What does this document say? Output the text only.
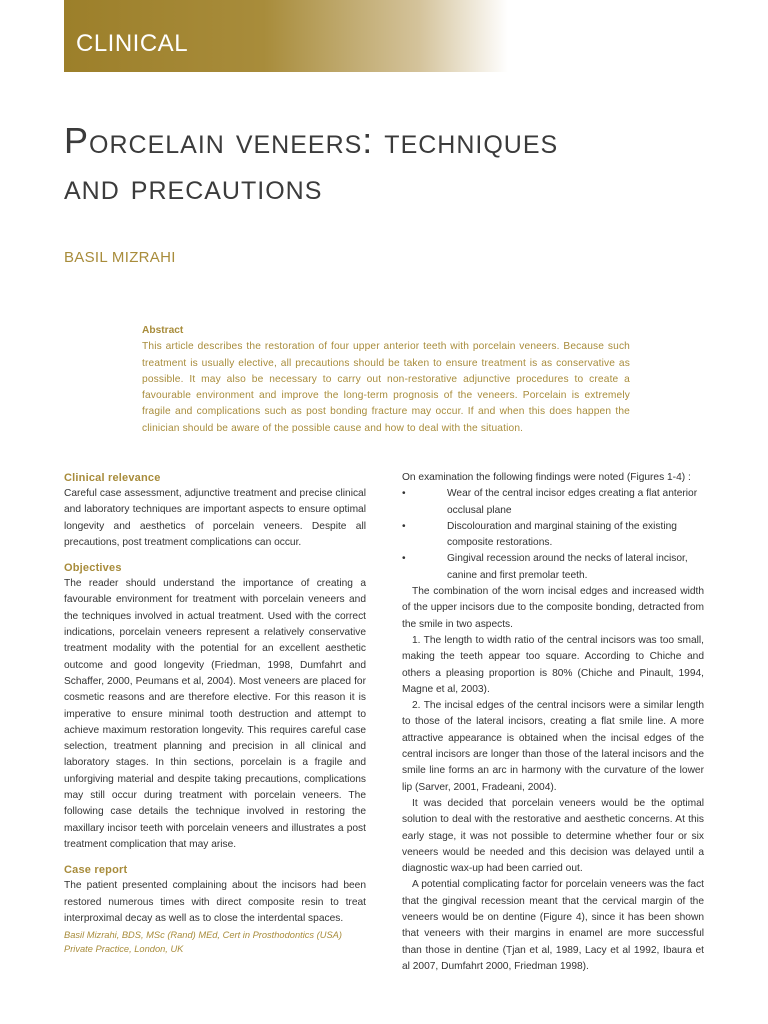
CLINICAL
Porcelain veneers: techniques
and precautions
BASIL MIZRAHI
Abstract
This article describes the restoration of four upper anterior teeth with porcelain veneers. Because such treatment is usually elective, all precautions should be taken to ensure treatment is as conservative as possible. It may also be necessary to carry out non-restorative adjunctive procedures to create a favourable environment and improve the long-term prognosis of the veneers. Porcelain is extremely fragile and complications such as post bonding fracture may occur. If and when this does happen the clinician should be aware of the possible cause and how to deal with the situation.
Clinical relevance

Careful case assessment, adjunctive treatment and precise clinical and laboratory techniques are important aspects to ensure optimal longevity and aesthetics of porcelain veneers. Despite all precautions, post treatment complications can occur.

Objectives

The reader should understand the importance of creating a favourable environment for treatment with porcelain veneers and the techniques involved in actual treatment. Used with the correct indications, porcelain veneers represent a relatively conservative treatment modality with the potential for an excellent aesthetic outcome and good longevity (Friedman, 1998, Dumfahrt and Schaffer, 2000, Peumans et al, 2004). Most veneers are placed for cosmetic reasons and are therefore elective. For this reason it is imperative to ensure minimal tooth destruction and attempt to achieve maximum restoration longevity. This requires careful case selection, treatment planning and precision in all clinical and laboratory stages. In thin sections, porcelain is a fragile and unforgiving material and despite taking precautions, complications may still occur during treatment with porcelain veneers. The following case details the technique involved in restoring the maxillary incisor teeth with porcelain veneers and illustrates a post treatment complication that may arise.

Case report

The patient presented complaining about the incisors had been restored numerous times with direct composite resin to treat interproximal decay as well as to close the interdental spaces.

Basil Mizrahi, BDS, MSc (Rand) MEd, Cert in Prosthodontics (USA)
Private Practice, London, UK

On examination the following findings were noted (Figures 1-4) :

•	Wear of the central incisor edges creating a flat anterior occlusal plane
•	Discolouration and marginal staining of the existing composite restorations.
•	Gingival recession around the necks of lateral incisor, canine and first premolar teeth.

The combination of the worn incisal edges and increased width of the upper incisors due to the composite bonding, detracted from the smile in two aspects.

1. The length to width ratio of the central incisors was too small, making the teeth appear too square. According to Chiche and others a pleasing proportion is 80% (Chiche and Pinault, 1994, Magne et al, 2003).

2. The incisal edges of the central incisors were a similar length to those of the lateral incisors, creating a flat smile line. A more attractive appearance is obtained when the incisal edges of the central incisors are longer than those of the lateral incisors and the smile line forms an arc in harmony with the curvature of the lower lip (Sarver, 2001, Fradeani, 2004).

It was decided that porcelain veneers would be the optimal solution to deal with the restorative and aesthetic concerns. At this early stage, it was not possible to determine whether four or six veneers would be needed and this decision was delayed until a diagnostic wax-up had been carried out.

A potential complicating factor for porcelain veneers was the fact that the gingival recession meant that the cervical margin of the veneers would be on dentine (Figure 4), since it has been shown that veneers with their margins in enamel are more successful than those in dentine (Tjan et al, 1989, Lacy et al 1992, Ibaura et al 2007, Dumfahrt 2000, Friedman 1998).
